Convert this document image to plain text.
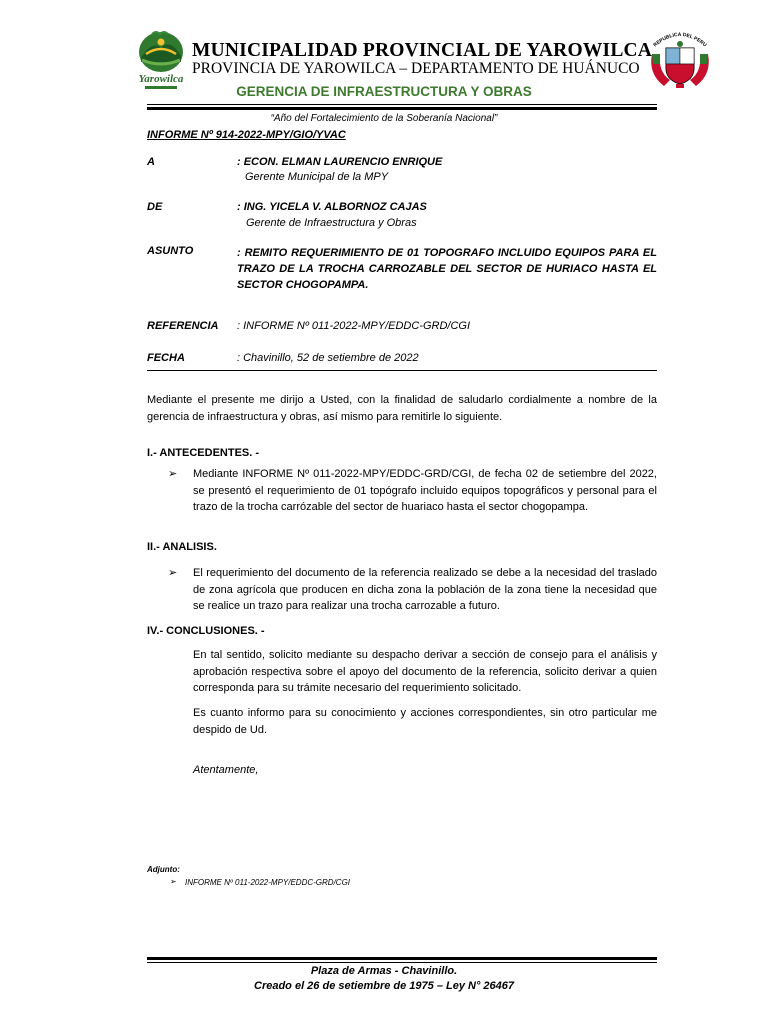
Yarowilca
REPUBLICA DEL PERU
MUNICIPALIDAD PROVINCIAL DE YAROWILCA
PROVINCIA DE YAROWILCA – DEPARTAMENTO DE HUÁNUCO
GERENCIA DE INFRAESTRUCTURA Y OBRAS
“Año del Fortalecimiento de la Soberanía Nacional”
INFORME Nº 914-2022-MPY/GIO/YVAC
A	: ECON. ELMAN LAURENCIO ENRIQUE
Gerente Municipal de la MPY
DE	: ING. YICELA V. ALBORNOZ CAJAS
Gerente de Infraestructura y Obras
ASUNTO	: REMITO REQUERIMIENTO DE 01 TOPOGRAFO INCLUIDO EQUIPOS PARA EL TRAZO DE LA TROCHA CARROZABLE DEL SECTOR DE HURIACO HASTA EL SECTOR CHOGOPAMPA.
REFERENCIA : INFORME Nº 011-2022-MPY/EDDC-GRD/CGI
FECHA	: Chavinillo, 52 de setiembre de 2022
Mediante el presente me dirijo a Usted, con la finalidad de saludarlo cordialmente a nombre de la gerencia de infraestructura y obras, así mismo para remitirle lo siguiente.
I.- ANTECEDENTES. -
➢ Mediante INFORME Nº 011-2022-MPY/EDDC-GRD/CGI, de fecha 02 de setiembre del 2022, se presentó el requerimiento de 01 topógrafo incluido equipos topográficos y personal para el trazo de la trocha carrózable del sector de huariaco hasta el sector chogopampa.
II.- ANALISIS.
➢ El requerimiento del documento de la referencia realizado se debe a la necesidad del traslado de zona agrícola que producen en dicha zona la población de la zona tiene la necesidad que se realice un trazo para realizar una trocha carrozable a futuro.
IV.- CONCLUSIONES. -
En tal sentido, solicito mediante su despacho derivar a sección de consejo para el análisis y aprobación respectiva sobre el apoyo del documento de la referencia, solicito derivar a quien corresponda para su trámite necesario del requerimiento solicitado.
Es cuanto informo para su conocimiento y acciones correspondientes, sin otro particular me despido de Ud.
Atentamente,
Adjunto:
➢ INFORME Nº 011-2022-MPY/EDDC-GRD/CGI
Plaza de Armas - Chavinillo.
Creado el 26 de setiembre de 1975 – Ley N° 26467
